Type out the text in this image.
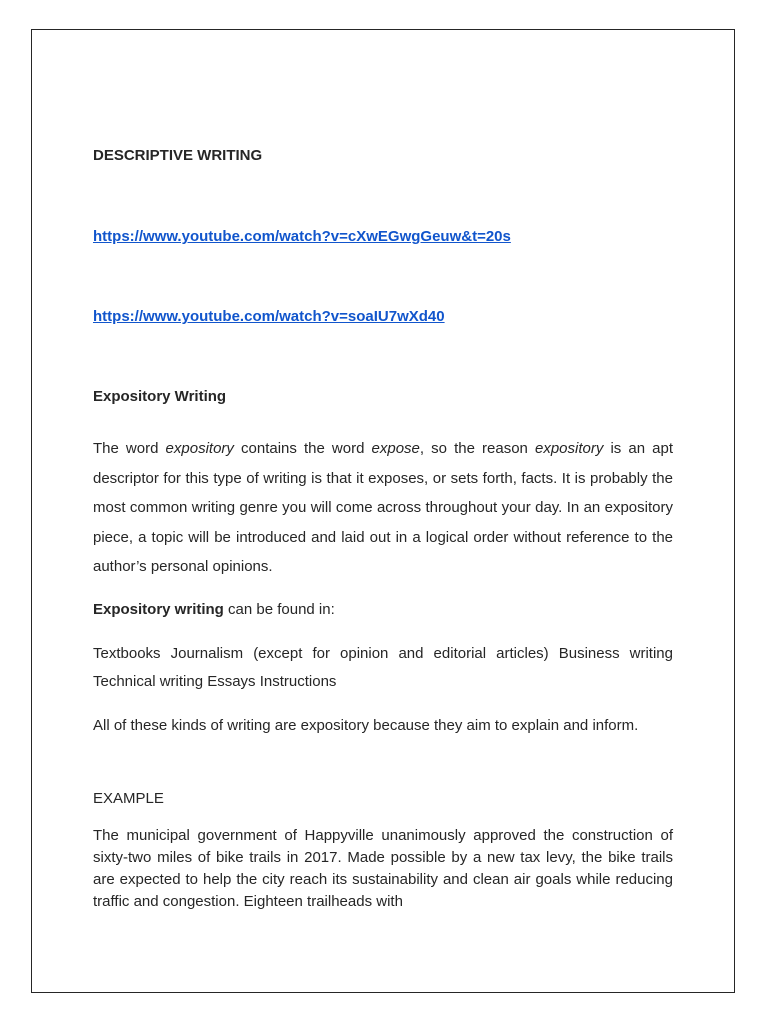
DESCRIPTIVE WRITING
https://www.youtube.com/watch?v=cXwEGwgGeuw&t=20s
https://www.youtube.com/watch?v=soaIU7wXd40
Expository Writing
The word expository contains the word expose, so the reason expository is an apt descriptor for this type of writing is that it exposes, or sets forth, facts. It is probably the most common writing genre you will come across throughout your day. In an expository piece, a topic will be introduced and laid out in a logical order without reference to the author’s personal opinions.
Expository writing can be found in:
Textbooks Journalism (except for opinion and editorial articles) Business writing Technical writing Essays Instructions
All of these kinds of writing are expository because they aim to explain and inform.
EXAMPLE
The municipal government of Happyville unanimously approved the construction of sixty-two miles of bike trails in 2017. Made possible by a new tax levy, the bike trails are expected to help the city reach its sustainability and clean air goals while reducing traffic and congestion. Eighteen trailheads with
